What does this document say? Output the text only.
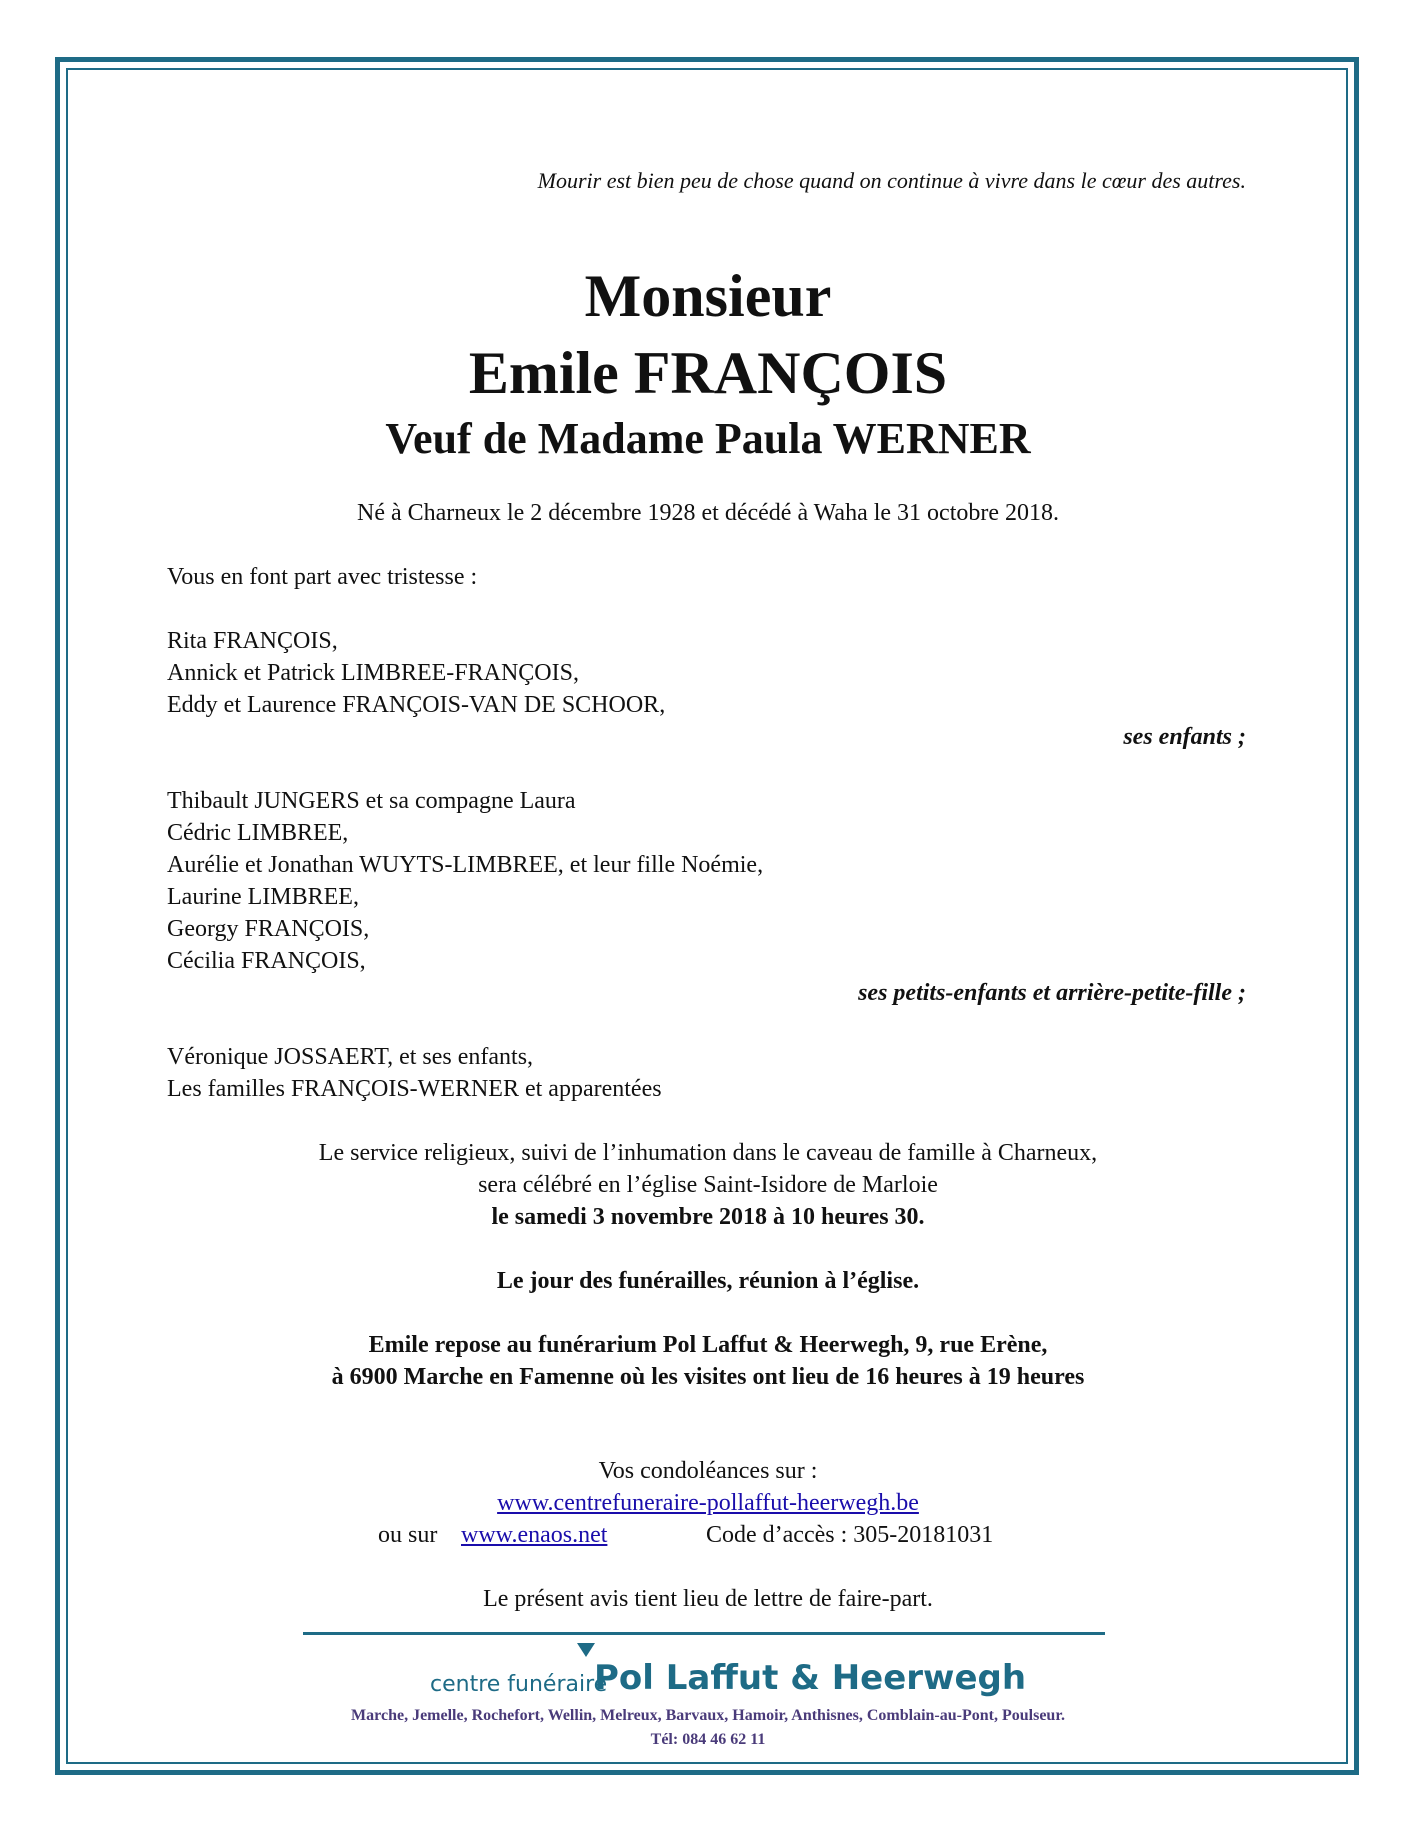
Mourir est bien peu de chose quand on continue à vivre dans le cœur des autres.
Monsieur
Emile FRANÇOIS
Veuf de Madame Paula WERNER
Né à Charneux le 2 décembre 1928 et décédé à Waha le 31 octobre 2018.
Vous en font part avec tristesse :
Rita FRANÇOIS,
Annick et Patrick LIMBREE-FRANÇOIS,
Eddy et Laurence FRANÇOIS-VAN DE SCHOOR,
ses enfants ;
Thibault JUNGERS et sa compagne Laura
Cédric LIMBREE,
Aurélie et Jonathan WUYTS-LIMBREE, et leur fille Noémie,
Laurine LIMBREE,
Georgy FRANÇOIS,
Cécilia FRANÇOIS,
ses petits-enfants et arrière-petite-fille ;
Véronique JOSSAERT, et ses enfants,
Les familles FRANÇOIS-WERNER et apparentées
Le service religieux, suivi de l’inhumation dans le caveau de famille à Charneux,
sera célébré en l’église Saint-Isidore de Marloie
le samedi 3 novembre 2018 à 10 heures 30.
Le jour des funérailles, réunion à l’église.
Emile repose au funérarium Pol Laffut & Heerwegh, 9, rue Erène,
à 6900 Marche en Famenne où les visites ont lieu de 16 heures à 19 heures
Vos condoléances sur :
www.centrefuneraire-pollaffut-heerwegh.be
ou sur www.enaos.net	Code d’accès : 305-20181031
Le présent avis tient lieu de lettre de faire-part.
centre funéraire
Pol Laffut & Heerwegh
Marche, Jemelle, Rochefort, Wellin, Melreux, Barvaux, Hamoir, Anthisnes, Comblain-au-Pont, Poulseur.
Tél: 084 46 62 11
